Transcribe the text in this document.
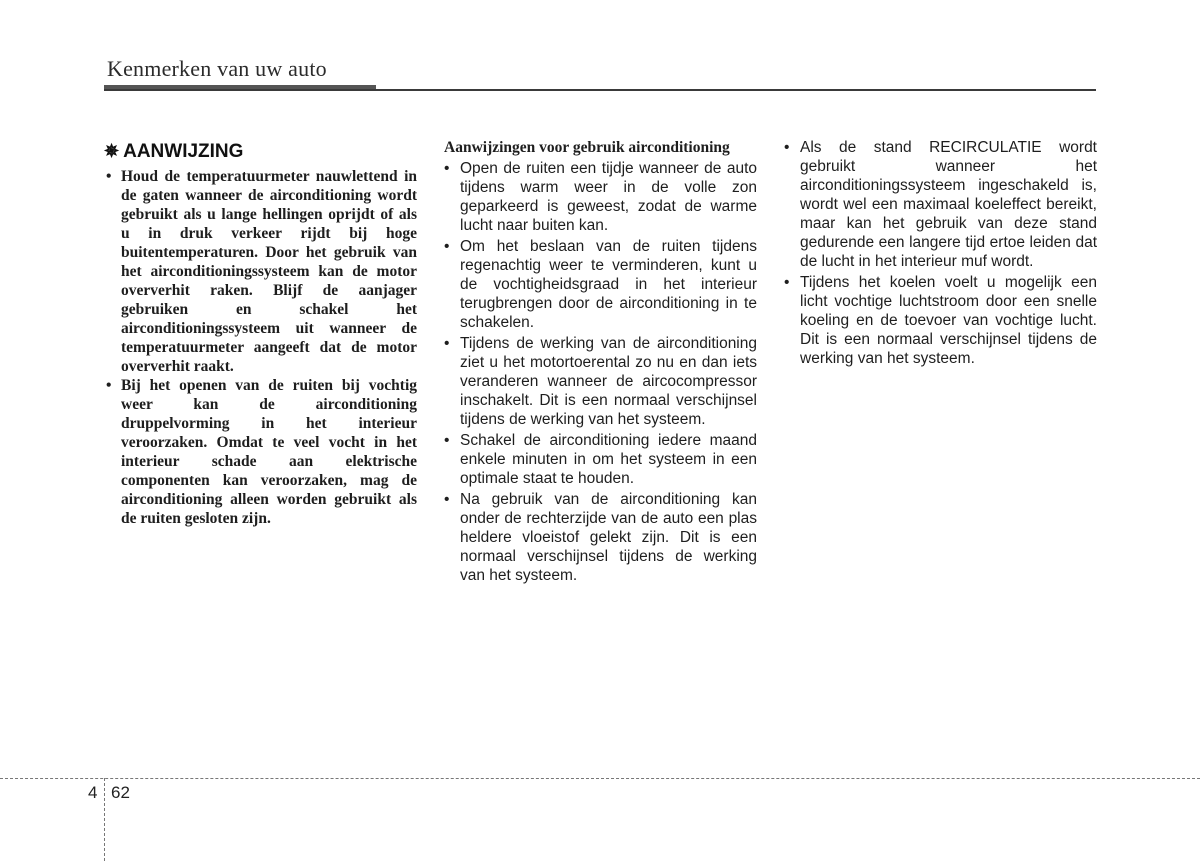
Kenmerken van uw auto
✵ AANWIJZING
• Houd de temperatuurmeter nauwlettend in de gaten wanneer de airconditioning wordt gebruikt als u lange hellingen oprijdt of als u in druk verkeer rijdt bij hoge buitentemperaturen. Door het gebruik van het airconditioningssysteem kan de motor oververhit raken. Blijf de aanjager gebruiken en schakel het airconditioningssysteem uit wanneer de temperatuurmeter aangeeft dat de motor oververhit raakt.
• Bij het openen van de ruiten bij vochtig weer kan de airconditioning druppelvorming in het interieur veroorzaken. Omdat te veel vocht in het interieur schade aan elektrische componenten kan veroorzaken, mag de airconditioning alleen worden gebruikt als de ruiten gesloten zijn.
Aanwijzingen voor gebruik airconditioning
• Open de ruiten een tijdje wanneer de auto tijdens warm weer in de volle zon geparkeerd is geweest, zodat de warme lucht naar buiten kan.
• Om het beslaan van de ruiten tijdens regenachtig weer te verminderen, kunt u de vochtigheidsgraad in het interieur terugbrengen door de airconditioning in te schakelen.
• Tijdens de werking van de airconditioning ziet u het motortoerental zo nu en dan iets veranderen wanneer de aircocompressor inschakelt. Dit is een normaal verschijnsel tijdens de werking van het systeem.
• Schakel de airconditioning iedere maand enkele minuten in om het systeem in een optimale staat te houden.
• Na gebruik van de airconditioning kan onder de rechterzijde van de auto een plas heldere vloeistof gelekt zijn. Dit is een normaal verschijnsel tijdens de werking van het systeem.
• Als de stand RECIRCULATIE wordt gebruikt wanneer het airconditioningssysteem ingeschakeld is, wordt wel een maximaal koeleffect bereikt, maar kan het gebruik van deze stand gedurende een langere tijd ertoe leiden dat de lucht in het interieur muf wordt.
• Tijdens het koelen voelt u mogelijk een licht vochtige luchtstroom door een snelle koeling en de toevoer van vochtige lucht. Dit is een normaal verschijnsel tijdens de werking van het systeem.
4 62
